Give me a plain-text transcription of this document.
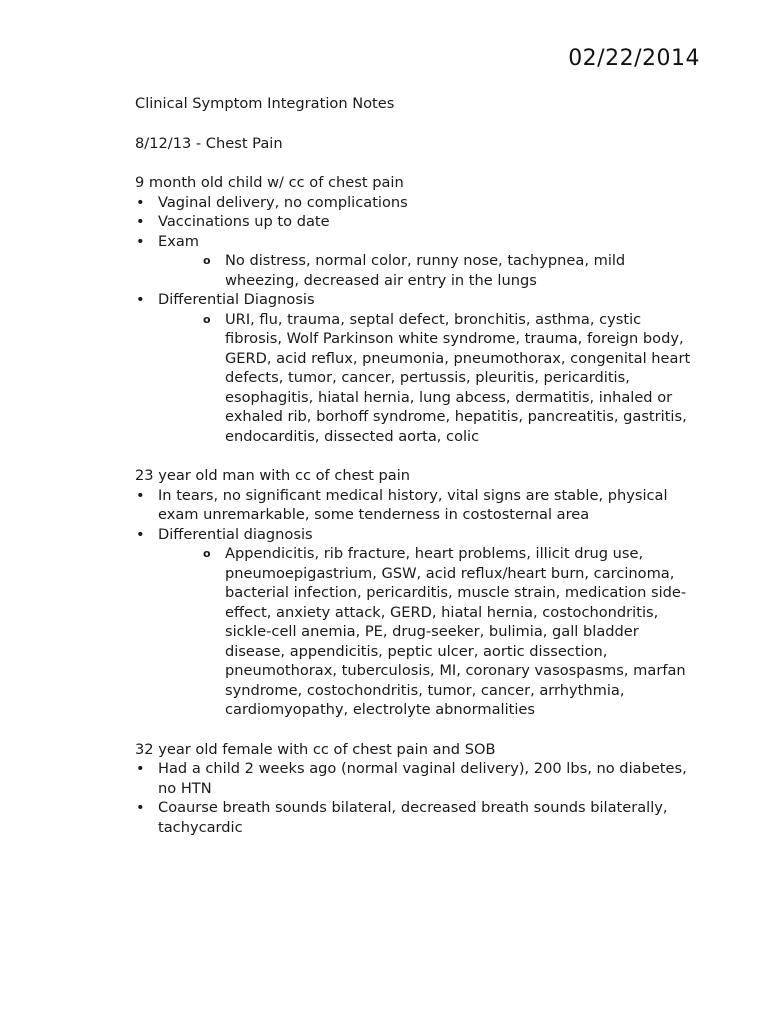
02/22/2014

Clinical Symptom Integration Notes

8/12/13 - Chest Pain

9 month old child w/ cc of chest pain

• Vaginal delivery, no complications
• Vaccinations up to date
• Exam
o No distress, normal color, runny nose, tachypnea, mild wheezing, decreased air entry in the lungs
• Differential Diagnosis
o URI, flu, trauma, septal defect, bronchitis, asthma, cystic fibrosis, Wolf Parkinson white syndrome, trauma, foreign body, GERD, acid reflux, pneumonia, pneumothorax, congenital heart defects, tumor, cancer, pertussis, pleuritis, pericarditis, esophagitis, hiatal hernia, lung abcess, dermatitis, inhaled or exhaled rib, borhoff syndrome, hepatitis, pancreatitis, gastritis, endocarditis, dissected aorta, colic

23 year old man with cc of chest pain

• In tears, no significant medical history, vital signs are stable, physical exam unremarkable, some tenderness in costosternal area
• Differential diagnosis
o Appendicitis, rib fracture, heart problems, illicit drug use, pneumoepigastrium, GSW, acid reflux/heart burn, carcinoma, bacterial infection, pericarditis, muscle strain, medication side-effect, anxiety attack, GERD, hiatal hernia, costochondritis, sickle-cell anemia, PE, drug-seeker, bulimia, gall bladder disease, appendicitis, peptic ulcer, aortic dissection, pneumothorax, tuberculosis, MI, coronary vasospasms, marfan syndrome, costochondritis, tumor, cancer, arrhythmia, cardiomyopathy, electrolyte abnormalities

32 year old female with cc of chest pain and SOB

• Had a child 2 weeks ago (normal vaginal delivery), 200 lbs, no diabetes, no HTN
• Coaurse breath sounds bilateral, decreased breath sounds bilaterally, tachycardic
